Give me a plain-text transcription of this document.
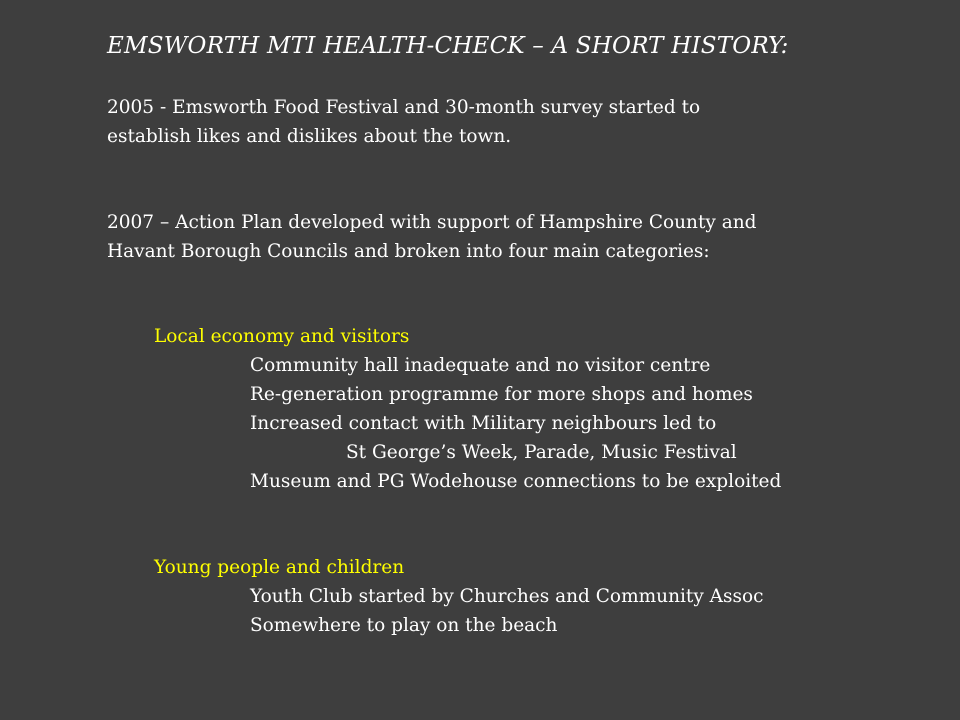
EMSWORTH MTI HEALTH-CHECK – A SHORT HISTORY:
2005 - Emsworth Food Festival and 30-month survey started to
establish likes and dislikes about the town.
2007 – Action Plan developed with support of Hampshire County and
Havant Borough Councils and broken into four main categories:
Local economy and visitors
Community hall inadequate and no visitor centre
Re-generation programme for more shops and homes
Increased contact with Military neighbours led to
St George’s Week, Parade, Music Festival
Museum and PG Wodehouse connections to be exploited
Young people and children
Youth Club started by Churches and Community Assoc
Somewhere to play on the beach
